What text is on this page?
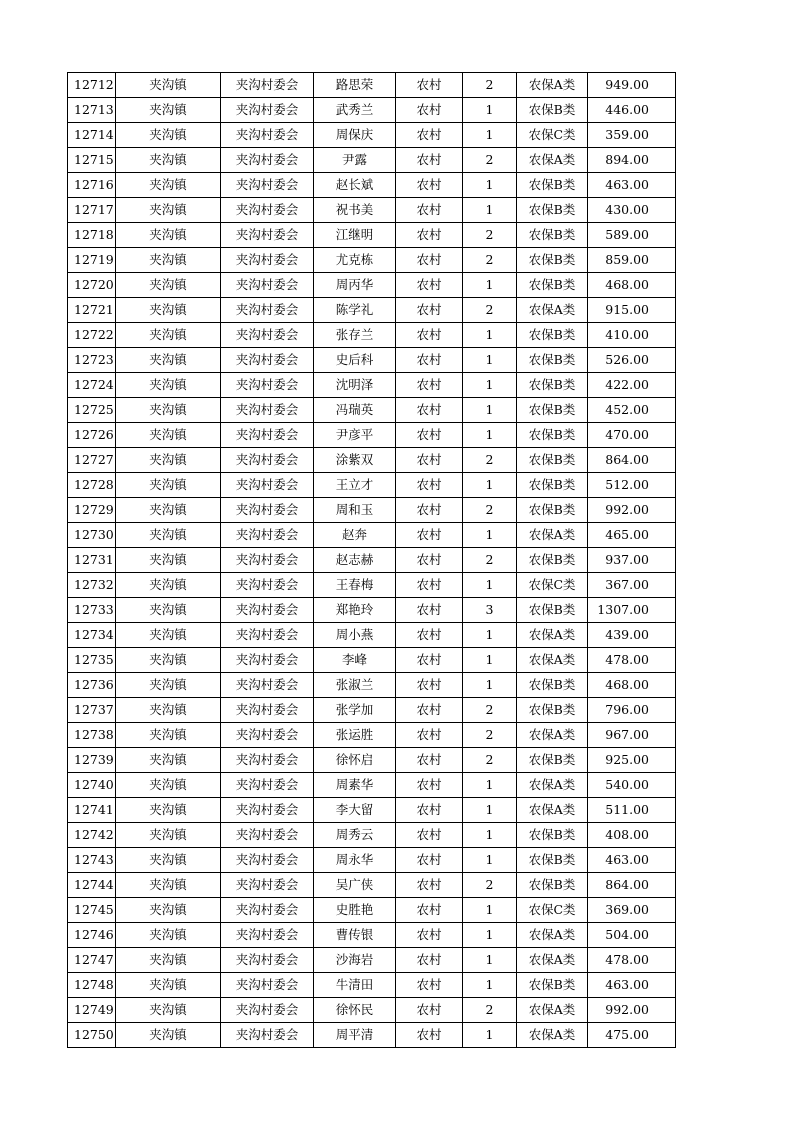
12712	夹沟镇	夹沟村委会	路思荣	农村	2	农保A类	949.00
12713	夹沟镇	夹沟村委会	武秀兰	农村	1	农保B类	446.00
12714	夹沟镇	夹沟村委会	周保庆	农村	1	农保C类	359.00
12715	夹沟镇	夹沟村委会	尹露	农村	2	农保A类	894.00
12716	夹沟镇	夹沟村委会	赵长斌	农村	1	农保B类	463.00
12717	夹沟镇	夹沟村委会	祝书美	农村	1	农保B类	430.00
12718	夹沟镇	夹沟村委会	江继明	农村	2	农保B类	589.00
12719	夹沟镇	夹沟村委会	尤克栋	农村	2	农保B类	859.00
12720	夹沟镇	夹沟村委会	周丙华	农村	1	农保B类	468.00
12721	夹沟镇	夹沟村委会	陈学礼	农村	2	农保A类	915.00
12722	夹沟镇	夹沟村委会	张存兰	农村	1	农保B类	410.00
12723	夹沟镇	夹沟村委会	史后科	农村	1	农保B类	526.00
12724	夹沟镇	夹沟村委会	沈明泽	农村	1	农保B类	422.00
12725	夹沟镇	夹沟村委会	冯瑞英	农村	1	农保B类	452.00
12726	夹沟镇	夹沟村委会	尹彦平	农村	1	农保B类	470.00
12727	夹沟镇	夹沟村委会	涂紫双	农村	2	农保B类	864.00
12728	夹沟镇	夹沟村委会	王立才	农村	1	农保B类	512.00
12729	夹沟镇	夹沟村委会	周和玉	农村	2	农保B类	992.00
12730	夹沟镇	夹沟村委会	赵奔	农村	1	农保A类	465.00
12731	夹沟镇	夹沟村委会	赵志赫	农村	2	农保B类	937.00
12732	夹沟镇	夹沟村委会	王春梅	农村	1	农保C类	367.00
12733	夹沟镇	夹沟村委会	郑艳玲	农村	3	农保B类	1307.00
12734	夹沟镇	夹沟村委会	周小燕	农村	1	农保A类	439.00
12735	夹沟镇	夹沟村委会	李峰	农村	1	农保A类	478.00
12736	夹沟镇	夹沟村委会	张淑兰	农村	1	农保B类	468.00
12737	夹沟镇	夹沟村委会	张学加	农村	2	农保B类	796.00
12738	夹沟镇	夹沟村委会	张运胜	农村	2	农保A类	967.00
12739	夹沟镇	夹沟村委会	徐怀启	农村	2	农保B类	925.00
12740	夹沟镇	夹沟村委会	周素华	农村	1	农保A类	540.00
12741	夹沟镇	夹沟村委会	李大留	农村	1	农保A类	511.00
12742	夹沟镇	夹沟村委会	周秀云	农村	1	农保B类	408.00
12743	夹沟镇	夹沟村委会	周永华	农村	1	农保B类	463.00
12744	夹沟镇	夹沟村委会	吴广侠	农村	2	农保B类	864.00
12745	夹沟镇	夹沟村委会	史胜艳	农村	1	农保C类	369.00
12746	夹沟镇	夹沟村委会	曹传银	农村	1	农保A类	504.00
12747	夹沟镇	夹沟村委会	沙海岩	农村	1	农保A类	478.00
12748	夹沟镇	夹沟村委会	牛清田	农村	1	农保B类	463.00
12749	夹沟镇	夹沟村委会	徐怀民	农村	2	农保A类	992.00
12750	夹沟镇	夹沟村委会	周平清	农村	1	农保A类	475.00
